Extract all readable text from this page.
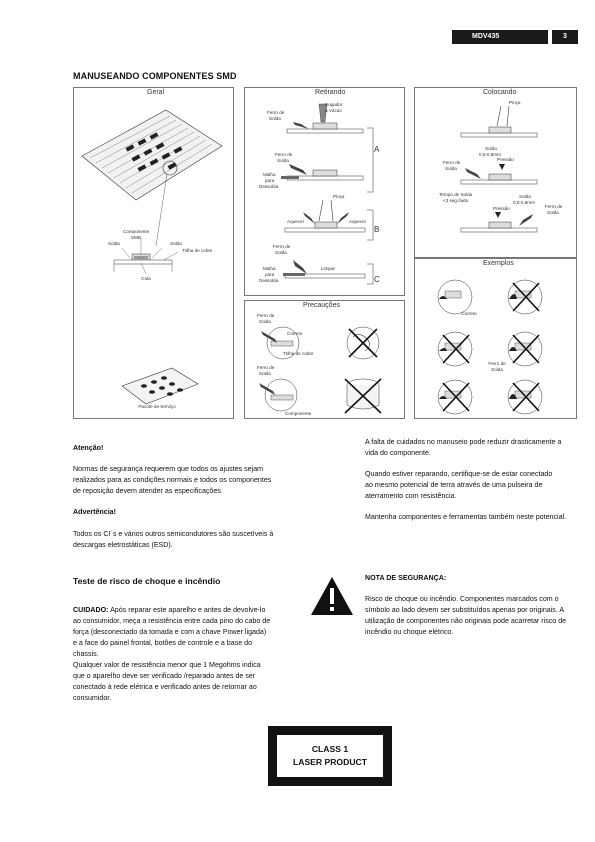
MDV435	3
MANUSEANDO COMPONENTES SMD
Geral
Componente
SMD
Solda	Solda
Trilha de cobre
Cola
Pacote de Serviço
Retirando
Sugador
a Vácuo
Ferro de
Solda
Ferro de
Solda
Malha
para
Dessolda
A
Pinça
Aquecer	Aquecer
B
Ferro de
Solda
Malha
para
Dessolda
Limpar
C
Colocando
Pinça
Solda
0,5-0,8mm
Ferro de
Solda
Pressão
Tempo de Solda
<3 seg./lado
Solda
0,5-0,8mm
Pressão	Ferro de
Solda
Exemplos
Correto
Ferro de
Solda
Precauções
Ferro de
Solda
Correto
Trilha de cobre
Ferro de
Solda
Componente
Atenção!
Normas de segurança requerem que todos os ajustes sejam
realizados para as condições normais e todos os componentes
de reposição devem atender as especificações.
Advertência!
Todos os CI´s e vários outros semicondutores são suscetíveis à
descargas eletrostáticas (ESD).
A falta de cuidados no manuseio pode reduzir drasticamente a
vida do componente.
Quando estiver reparando, certifique-se de estar conectado
ao mesmo potencial de terra através de uma pulseira de
aterramento com resistência.
Mantenha componentes e ferramentas também neste potencial.
Teste de risco de choque e incêndio
CUIDADO: Após reparar este aparelho e antes de devolve-lo
ao consumidor, meça a resistência entre cada pino do cabo de
força (desconectado da tomada e com a chave Power ligada)
e a face do painel frontal, botões de controle e a base do
chassis.
Qualquer valor de resistência menor que 1 Megohms indica
que o aparelho deve ser verificado /reparado antes de ser
conectado à rede elétrica e verificado antes de retornar ao
consumidor.
NOTA DE SEGURANÇA:
Risco de choque ou incêndio. Componentes marcados com o
símbolo ao lado devem ser substituídos apenas por originais. A
utilização de componentes não originais pode acarretar risco de
incêndio ou choque elétrico.
CLASS 1
LASER PRODUCT
